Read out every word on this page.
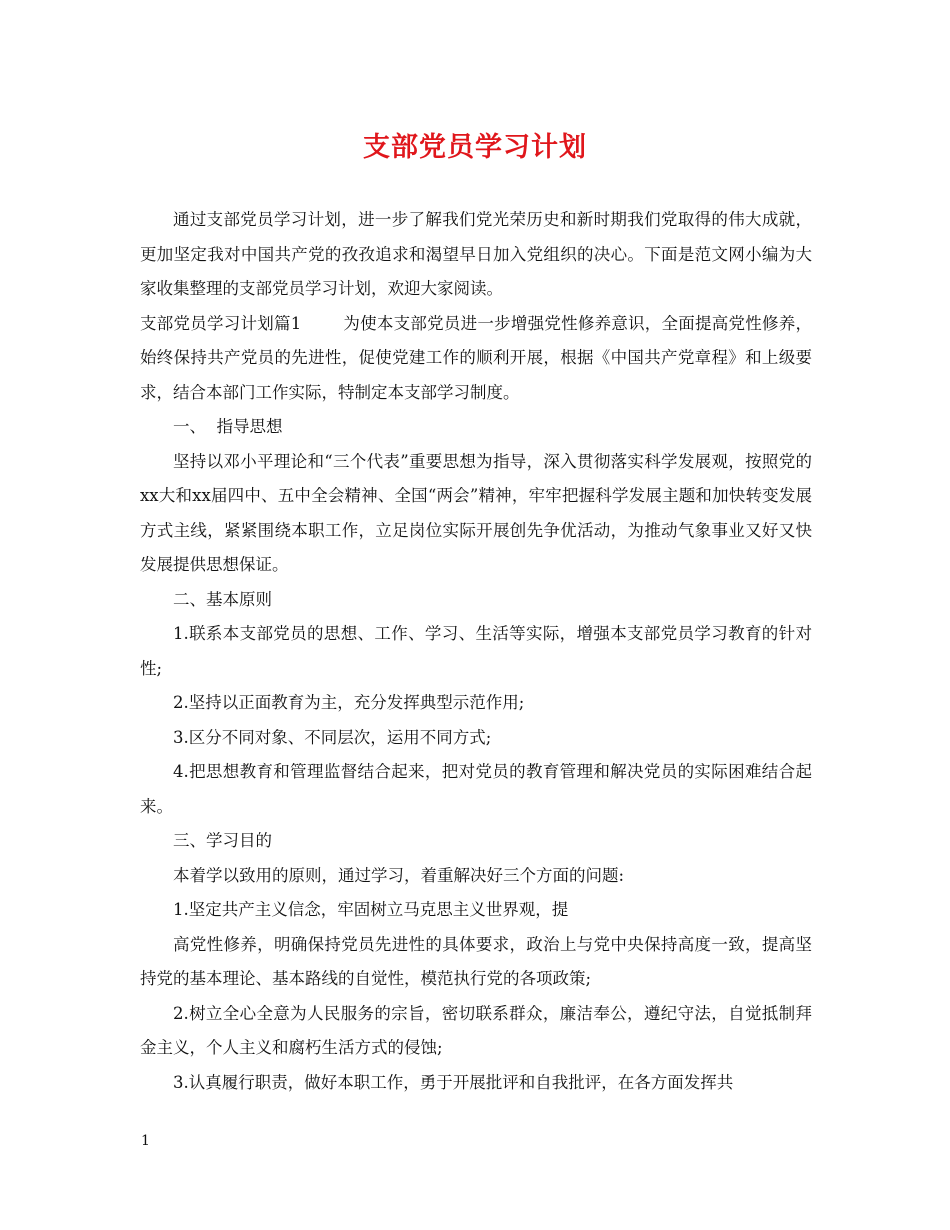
支部党员学习计划

通过支部党员学习计划，进一步了解我们党光荣历史和新时期我们党取得的伟大成就，更加坚定我对中国共产党的孜孜追求和渴望早日加入党组织的决心。下面是范文网小编为大家收集整理的支部党员学习计划，欢迎大家阅读。

支部党员学习计划篇1	为使本支部党员进一步增强党性修养意识，全面提高党性修养，始终保持共产党员的先进性，促使党建工作的顺利开展，根据《中国共产党章程》和上级要求，结合本部门工作实际，特制定本支部学习制度。

一、  指导思想

坚持以邓小平理论和“三个代表”重要思想为指导，深入贯彻落实科学发展观，按照党的xx大和xx届四中、五中全会精神、全国“两会”精神，牢牢把握科学发展主题和加快转变发展方式主线，紧紧围绕本职工作，立足岗位实际开展创先争优活动，为推动气象事业又好又快发展提供思想保证。

二、基本原则

1.联系本支部党员的思想、工作、学习、生活等实际，增强本支部党员学习教育的针对性;

2.坚持以正面教育为主，充分发挥典型示范作用;

3.区分不同对象、不同层次，运用不同方式;

4.把思想教育和管理监督结合起来，把对党员的教育管理和解决党员的实际困难结合起来。

三、学习目的

本着学以致用的原则，通过学习，着重解决好三个方面的问题:

1.坚定共产主义信念，牢固树立马克思主义世界观，提

高党性修养，明确保持党员先进性的具体要求，政治上与党中央保持高度一致，提高坚持党的基本理论、基本路线的自觉性，模范执行党的各项政策;

2.树立全心全意为人民服务的宗旨，密切联系群众，廉洁奉公，遵纪守法，自觉抵制拜金主义，个人主义和腐朽生活方式的侵蚀;

3.认真履行职责，做好本职工作，勇于开展批评和自我批评，在各方面发挥共

1
